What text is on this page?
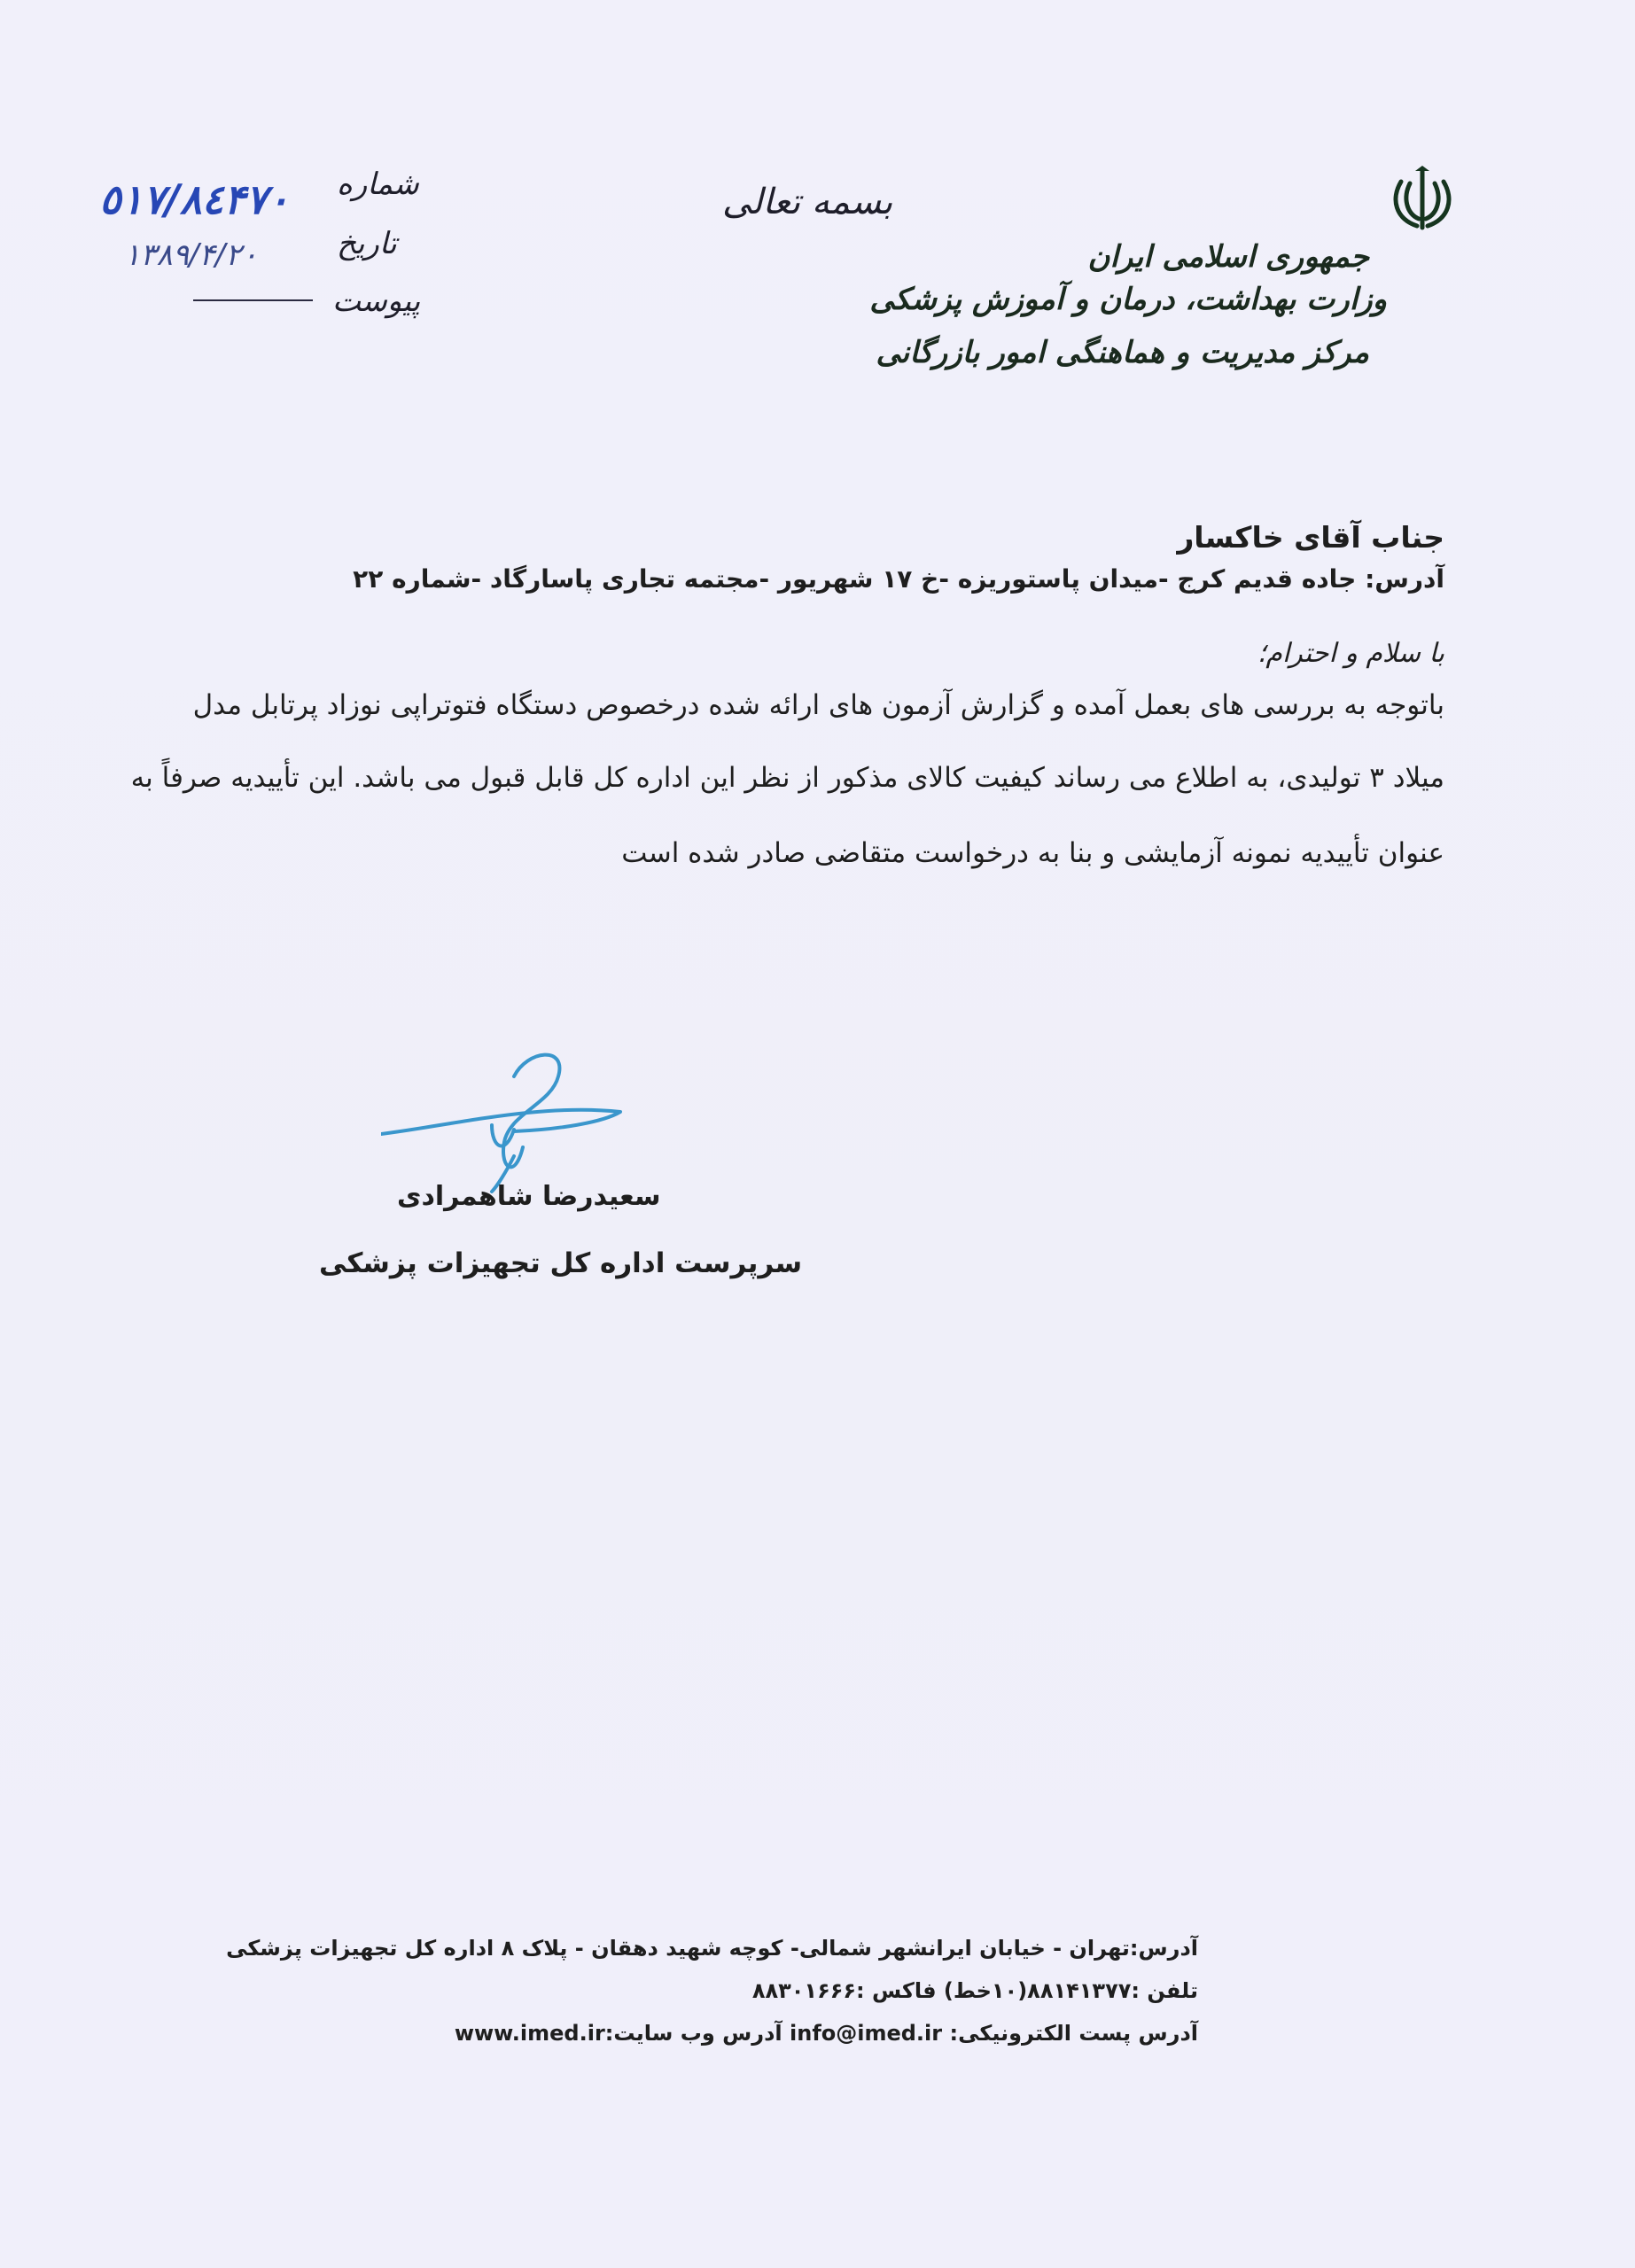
جمهوری اسلامی ایران
وزارت بهداشت، درمان و آموزش پزشکی
مرکز مدیریت و هماهنگی امور بازرگانی
بسمه تعالی
شماره
تاریخ
پیوست
٥١٧/٨٤۴٧٠
۱۳۸۹/۴/۲۰
جناب آقای خاکسار
آدرس: جاده قدیم کرج -میدان پاستوریزه -خ ۱۷ شهریور -مجتمه تجاری پاسارگاد -شماره ۲۲
با سلام و احترام؛
باتوجه به بررسی های بعمل آمده و گزارش آزمون های ارائه شده درخصوص دستگاه فتوتراپی نوزاد پرتابل مدل
میلاد ۳ تولیدی، به اطلاع می رساند کیفیت کالای مذکور از نظر این اداره کل قابل قبول می باشد. این تأییدیه صرفاً به
عنوان تأییدیه نمونه آزمایشی و بنا به درخواست متقاضی صادر شده است
سعیدرضا شاهمرادی
سرپرست اداره کل تجهیزات پزشکی
آدرس:تهران - خیابان ایرانشهر شمالی- کوچه شهید دهقان - پلاک ۸ اداره کل تجهیزات پزشکی
تلفن :۸۸۱۴۱۳۷۷(۱۰خط) فاکس :۸۸۳۰۱۶۶۶
آدرس پست الکترونیکی: info@imed.ir آدرس وب سایت:www.imed.ir
